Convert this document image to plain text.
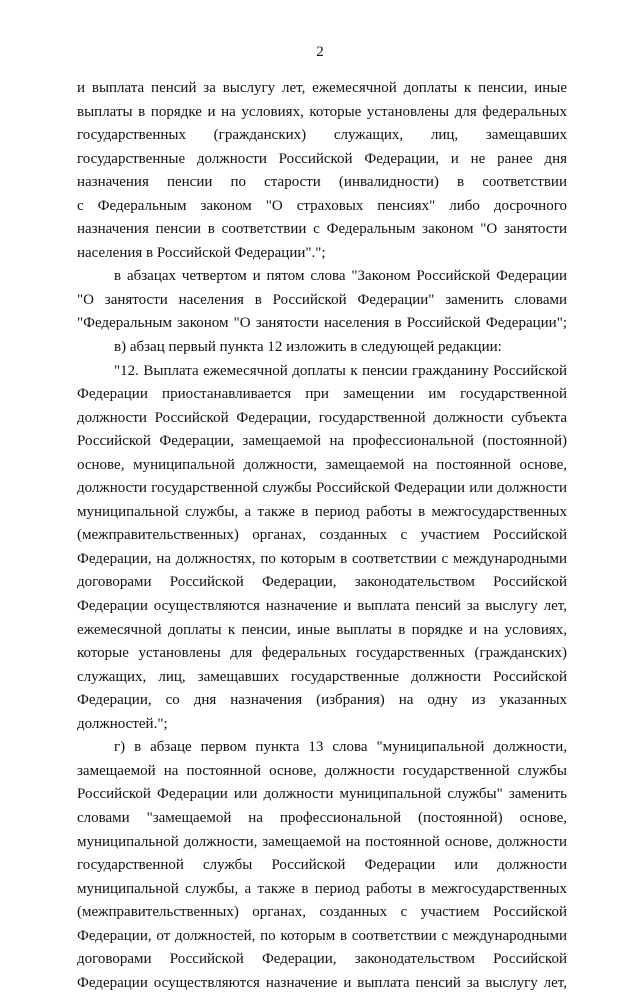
2
и выплата пенсий за выслугу лет, ежемесячной доплаты к пенсии, иные
выплаты в порядке и на условиях, которые установлены для федеральных
государственных (гражданских) служащих, лиц, замещавших
государственные должности Российской Федерации, и не ранее дня
назначения пенсии по старости (инвалидности) в соответствии
с Федеральным законом "О страховых пенсиях" либо досрочного
назначения пенсии в соответствии с Федеральным законом "О занятости
населения в Российской Федерации".";
в абзацах четвертом и пятом слова "Законом Российской Федерации
"О занятости населения в Российской Федерации" заменить словами
"Федеральным законом "О занятости населения в Российской Федерации";
в) абзац первый пункта 12 изложить в следующей редакции:
"12. Выплата ежемесячной доплаты к пенсии гражданину Российской
Федерации приостанавливается при замещении им государственной
должности Российской Федерации, государственной должности субъекта
Российской Федерации, замещаемой на профессиональной (постоянной)
основе, муниципальной должности, замещаемой на постоянной основе,
должности государственной службы Российской Федерации или должности
муниципальной службы, а также в период работы в межгосударственных
(межправительственных) органах, созданных с участием Российской
Федерации, на должностях, по которым в соответствии с международными
договорами Российской Федерации, законодательством Российской
Федерации осуществляются назначение и выплата пенсий за выслугу лет,
ежемесячной доплаты к пенсии, иные выплаты в порядке и на условиях,
которые установлены для федеральных государственных (гражданских)
служащих, лиц, замещавших государственные должности Российской
Федерации, со дня назначения (избрания) на одну из указанных
должностей.";
г) в абзаце первом пункта 13 слова "муниципальной должности,
замещаемой на постоянной основе, должности государственной службы
Российской Федерации или должности муниципальной службы" заменить
словами "замещаемой на профессиональной (постоянной) основе,
муниципальной должности, замещаемой на постоянной основе, должности
государственной службы Российской Федерации или должности
муниципальной службы, а также в период работы в межгосударственных
(межправительственных) органах, созданных с участием Российской
Федерации, от должностей, по которым в соответствии с международными
договорами Российской Федерации, законодательством Российской
Федерации осуществляются назначение и выплата пенсий за выслугу лет,
